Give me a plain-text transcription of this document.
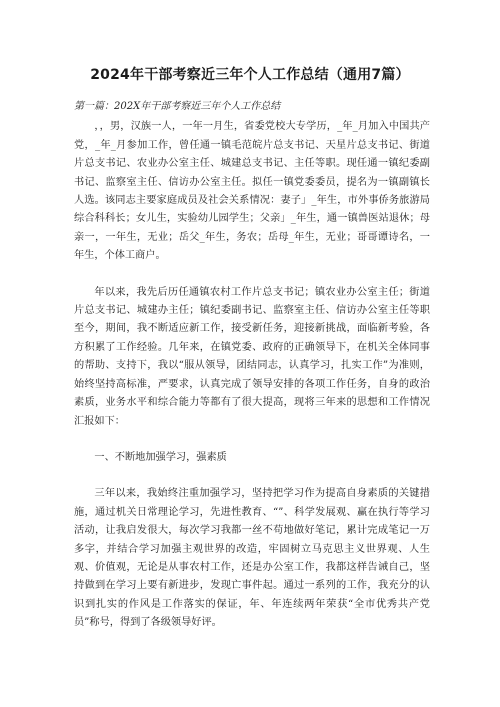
2024年干部考察近三年个人工作总结（通用7篇）
第一篇：202X年干部考察近三年个人工作总结

，，男，汉族一人，一年一月生，省委党校大专学历，_年_月加入中国共产党，_年_月参加工作，曾任通一镇毛范皖片总支书记、天星片总支书记、街道片总支书记、农业办公室主任、城建总支书记、主任等职。现任通一镇纪委副书记、监察室主任、信访办公室主任。拟任一镇党委委员，提名为一镇副镇长人选。该同志主要家庭成员及社会关系情况：妻子」_年生，市外事侨务旅游局综合科科长；女儿生，实验幼儿园学生；父亲」_年生，通一镇兽医站退休；母亲一，一年生，无业；岳父_年生，务农；岳母_年生，无业；哥哥谭诗名，一年生，个体工商户。

年以来，我先后历任通镇农村工作片总支书记；镇农业办公室主任；街道片总支书记、城建办主任；镇纪委副书记、监察室主任、信访办公室主任等职至今，期间，我不断适应新工作，接受新任务，迎接新挑战，面临新考验，各方积累了工作经验。几年来，在镇党委、政府的正确领导下，在机关全体同事的帮助、支持下，我以“服从领导，团结同志，认真学习，扎实工作”为准则，始终坚持高标准，严要求，认真完成了领导安排的各项工作任务，自身的政治素质，业务水平和综合能力等都有了很大提高，现将三年来的思想和工作情况汇报如下：

一、不断地加强学习，强素质

三年以来，我始终注重加强学习，坚持把学习作为提高自身素质的关键措施，通过机关日常理论学习，先进性教育、“”、科学发展观、赢在执行等学习活动，让我启发很大，每次学习我都一丝不苟地做好笔记，累计完成笔记一万多字，并结合学习加强主观世界的改造，牢固树立马克思主义世界观、人生观、价值观，无论是从事农村工作，还是办公室工作，我都这样告诫自己，坚持做到在学习上要有新进步，发现亡事件起。通过一系列的工作，我充分的认识到扎实的作风是工作落实的保证，年、年连续两年荣获“全市优秀共产党员”称号，得到了各级领导好评。
